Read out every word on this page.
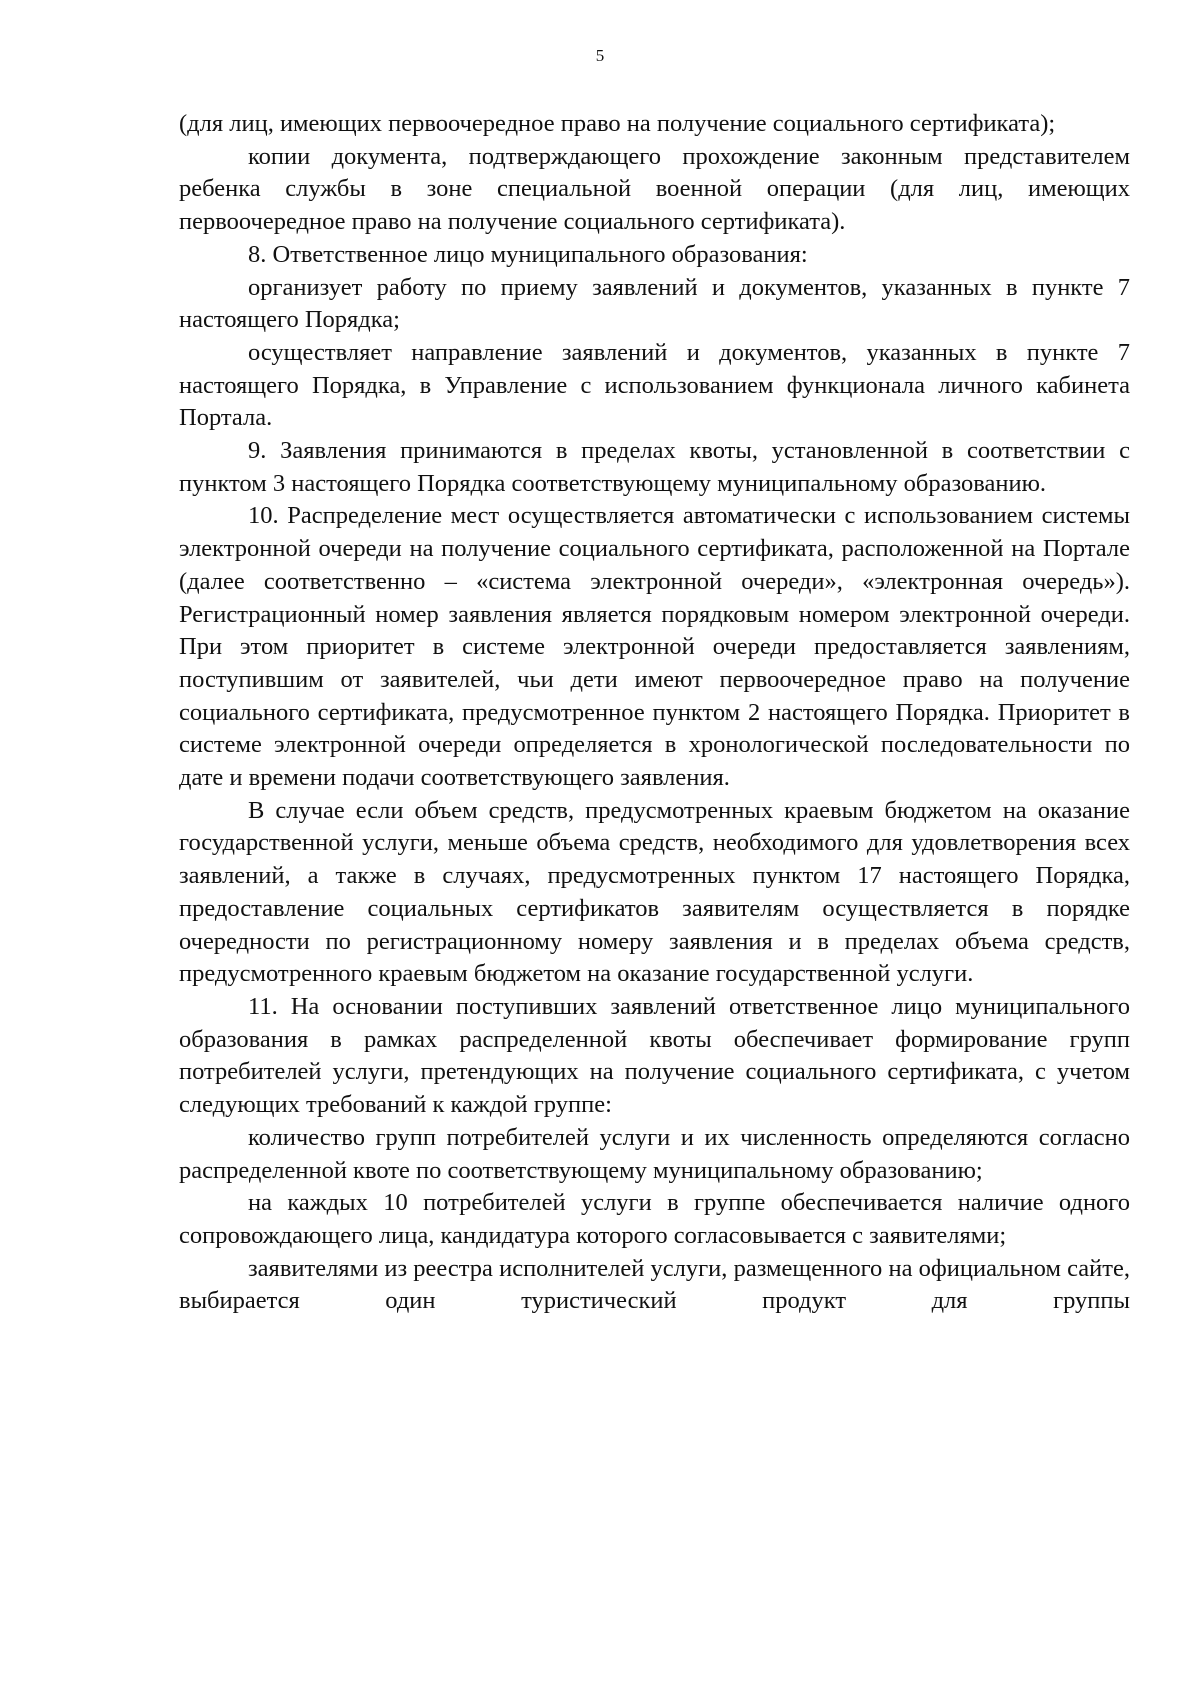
5

(для лиц, имеющих первоочередное право на получение социального сертификата);

копии документа, подтверждающего прохождение законным представителем ребенка службы в зоне специальной военной операции (для лиц, имеющих первоочередное право на получение социального сертификата).

8. Ответственное лицо муниципального образования:

организует работу по приему заявлений и документов, указанных в пункте 7 настоящего Порядка;

осуществляет направление заявлений и документов, указанных в пункте 7 настоящего Порядка, в Управление с использованием функционала личного кабинета Портала.

9. Заявления принимаются в пределах квоты, установленной в соответствии с пунктом 3 настоящего Порядка соответствующему муниципальному образованию.

10. Распределение мест осуществляется автоматически с использованием системы электронной очереди на получение социального сертификата, расположенной на Портале (далее соответственно – «система электронной очереди», «электронная очередь»). Регистрационный номер заявления является порядковым номером электронной очереди. При этом приоритет в системе электронной очереди предоставляется заявлениям, поступившим от заявителей, чьи дети имеют первоочередное право на получение социального сертификата, предусмотренное пунктом 2 настоящего Порядка. Приоритет в системе электронной очереди определяется в хронологической последовательности по дате и времени подачи соответствующего заявления.

В случае если объем средств, предусмотренных краевым бюджетом на оказание государственной услуги, меньше объема средств, необходимого для удовлетворения всех заявлений, а также в случаях, предусмотренных пунктом 17 настоящего Порядка, предоставление социальных сертификатов заявителям осуществляется в порядке очередности по регистрационному номеру заявления и в пределах объема средств, предусмотренного краевым бюджетом на оказание государственной услуги.

11. На основании поступивших заявлений ответственное лицо муниципального образования в рамках распределенной квоты обеспечивает формирование групп потребителей услуги, претендующих на получение социального сертификата, с учетом следующих требований к каждой группе:

количество групп потребителей услуги и их численность определяются согласно распределенной квоте по соответствующему муниципальному образованию;

на каждых 10 потребителей услуги в группе обеспечивается наличие одного сопровождающего лица, кандидатура которого согласовывается с заявителями;

заявителями из реестра исполнителей услуги, размещенного на официальном сайте, выбирается один туристический продукт для группы
